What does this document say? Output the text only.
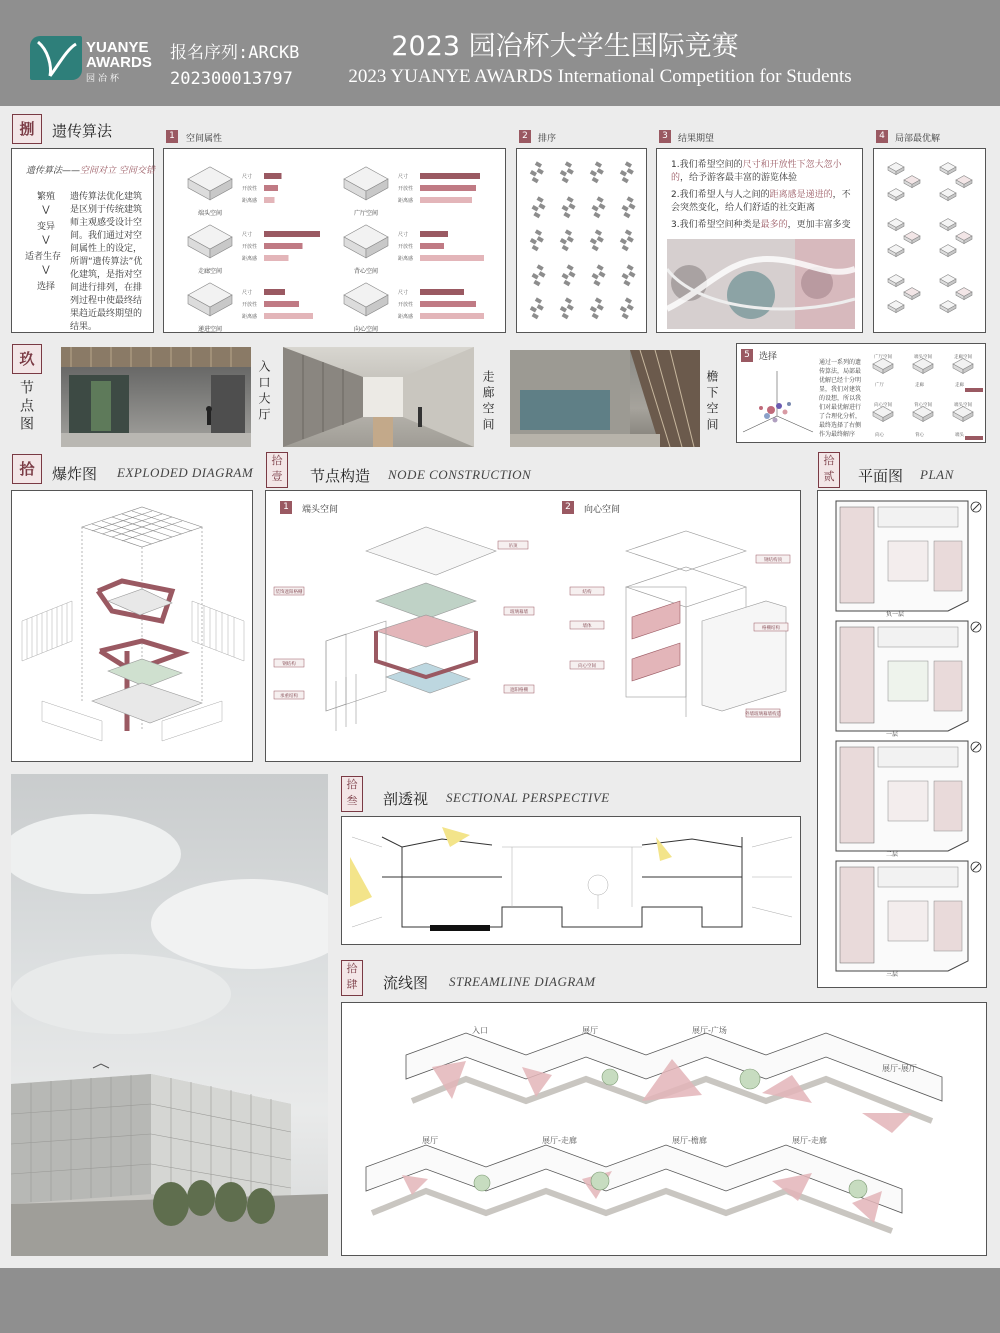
YUANYE
AWARDS
园冶杯
报名序列:ARCKB
202300013797
2023 园冶杯大学生国际竞赛
2023 YUANYE AWARDS International Competition for Students
捌	遗传算法
遗传算法——空间对立 空间交错
繁殖
⋁
变异
⋁
适者生存
⋁
选择
遗传算法优化建筑是区别于传统建筑师主观感受设计空间。我们通过对空间属性上的设定，所谓“遗传算法”优化建筑，是指对空间进行排列，在排列过程中使最终结果趋近最终期望的结果。
1	空间属性
端头空间
尺寸
开放性
距离感
广厅空间
尺寸
开放性
距离感
走廊空间
尺寸
开放性
距离感
背心空间
尺寸
开放性
距离感
递进空间
尺寸
开放性
距离感
向心空间
尺寸
开放性
距离感
2	排序	3	结果期望
1.我们希望空间的尺寸和开放性下忽大忽小的，给予游客最丰富的游览体验
2.我们希望人与人之间的距离感是递进的，不会突然变化，给人们舒适的社交距离
3.我们希望空间种类是最多的，更加丰富多变
4	局部最优解
玖
节点图	入口大厅	走廊空间	檐下空间
5	选择
通过一系列的遗传算法，局部最优解已经十分明显，我们对建筑的设想，所以我们对最优解进行了合理化分析，最终选择了右侧作为最终解序
广厅空间	端头空间	走廊空间
向心空间	背心空间	端头空间
广厅	走廊	走廊
向心	背心	端头
拾	爆炸图 EXPLODED DIAGRAM
拾壹	节点构造 NODE CONSTRUCTION
1	端头空间	2	向心空间
吊顶
装饰遮阳格栅
玻璃幕墙
钢结构
遮阳格栅
承重结构
钢结构顶
结构
墙体	格栅结构
向心空间
外墙玻璃幕墙构造
拾贰	平面图 PLAN
负一层
一层
二层
三层
拾叁	剖透视 SECTIONAL PERSPECTIVE
拾肆	流线图 STREAMLINE DIAGRAM
入口	展厅	展厅-广场
展厅-展厅
展厅	展厅-走廊	展厅-檐廊	展厅-走廊
